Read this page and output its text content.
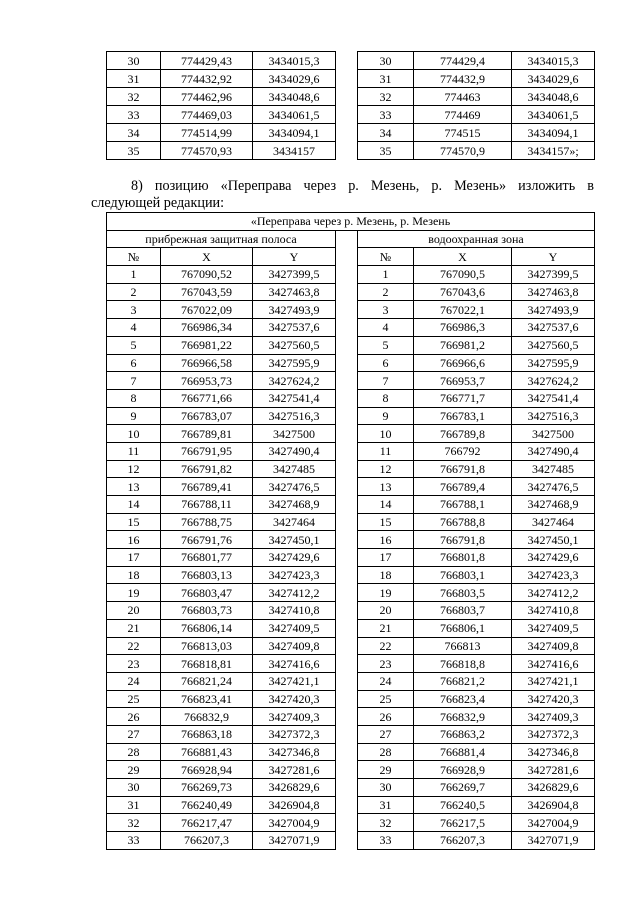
30	774429,43	3434015,3		30	774429,4	3434015,3
31	774432,92	3434029,6		31	774432,9	3434029,6
32	774462,96	3434048,6		32	774463	3434048,6
33	774469,03	3434061,5		33	774469	3434061,5
34	774514,99	3434094,1		34	774515	3434094,1
35	774570,93	3434157		35	774570,9	3434157»;
8) позицию «Переправа через р. Мезень, р. Мезень» изложить в
следующей редакции:
«Переправа через р. Мезень, р. Мезень						
прибрежная защитная полоса				водоохранная зона		
№	X	Y		№	X	Y
1	767090,52	3427399,5		1	767090,5	3427399,5
2	767043,59	3427463,8		2	767043,6	3427463,8
3	767022,09	3427493,9		3	767022,1	3427493,9
4	766986,34	3427537,6		4	766986,3	3427537,6
5	766981,22	3427560,5		5	766981,2	3427560,5
6	766966,58	3427595,9		6	766966,6	3427595,9
7	766953,73	3427624,2		7	766953,7	3427624,2
8	766771,66	3427541,4		8	766771,7	3427541,4
9	766783,07	3427516,3		9	766783,1	3427516,3
10	766789,81	3427500		10	766789,8	3427500
11	766791,95	3427490,4		11	766792	3427490,4
12	766791,82	3427485		12	766791,8	3427485
13	766789,41	3427476,5		13	766789,4	3427476,5
14	766788,11	3427468,9		14	766788,1	3427468,9
15	766788,75	3427464		15	766788,8	3427464
16	766791,76	3427450,1		16	766791,8	3427450,1
17	766801,77	3427429,6		17	766801,8	3427429,6
18	766803,13	3427423,3		18	766803,1	3427423,3
19	766803,47	3427412,2		19	766803,5	3427412,2
20	766803,73	3427410,8		20	766803,7	3427410,8
21	766806,14	3427409,5		21	766806,1	3427409,5
22	766813,03	3427409,8		22	766813	3427409,8
23	766818,81	3427416,6		23	766818,8	3427416,6
24	766821,24	3427421,1		24	766821,2	3427421,1
25	766823,41	3427420,3		25	766823,4	3427420,3
26	766832,9	3427409,3		26	766832,9	3427409,3
27	766863,18	3427372,3		27	766863,2	3427372,3
28	766881,43	3427346,8		28	766881,4	3427346,8
29	766928,94	3427281,6		29	766928,9	3427281,6
30	766269,73	3426829,6		30	766269,7	3426829,6
31	766240,49	3426904,8		31	766240,5	3426904,8
32	766217,47	3427004,9		32	766217,5	3427004,9
33	766207,3	3427071,9		33	766207,3	3427071,9
